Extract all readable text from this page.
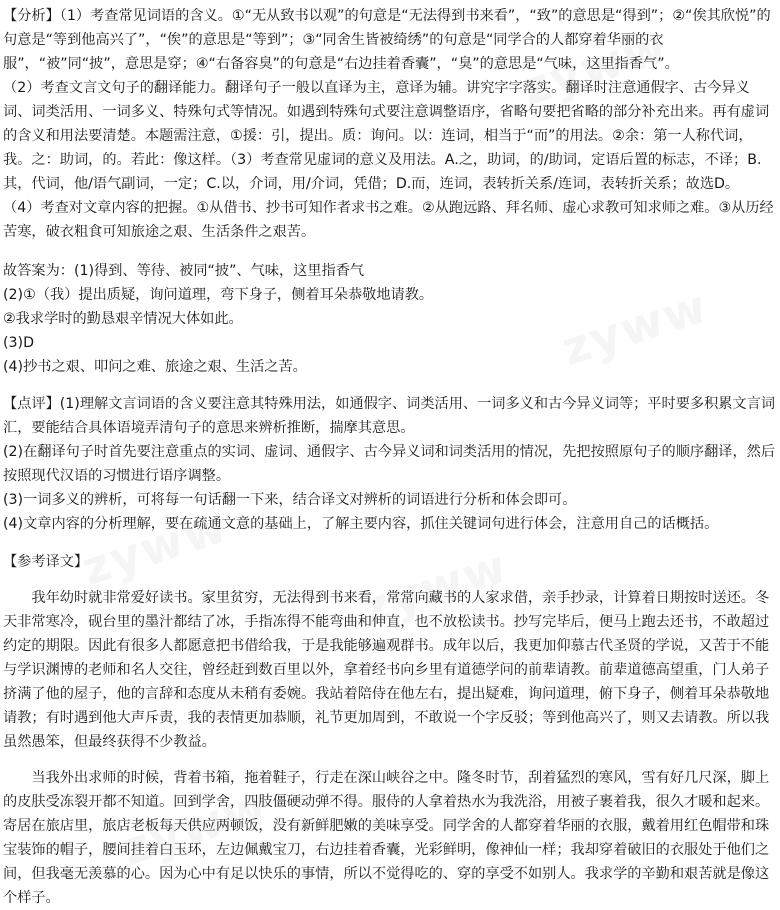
【分析】（1）考查常见词语的含义。①“无从致书以观”的句意是“无法得到书来看”，“致”的意思是“得到”；②“俟其欣悦”的句意是“等到他高兴了”，“俟”的意思是“等到”；③“同舍生皆被绮绣”的句意是“同学合的人都穿着华丽的衣服”，“被”同“披”，意思是穿；④“右备容臭”的句意是“右边挂着香囊”，“臭”的意思是“气味，这里指香气”。

（2）考查文言文句子的翻译能力。翻译句子一般以直译为主，意译为辅。讲究字字落实。翻译时注意通假字、古今异义词、词类活用、一词多义、特殊句式等情况。如遇到特殊句式要注意调整语序，省略句要把省略的部分补充出来。再有虚词的含义和用法要清楚。本题需注意，①援：引，提出。质：询问。以：连词，相当于“而”的用法。②余：第一人称代词，我。之：助词，的。若此：像这样。（3）考查常见虚词的意义及用法。A.之，助词，的/助词，定语后置的标志，不译；B.其，代词，他/语气副词，一定；C.以，介词，用/介词，凭借；D.而，连词，表转折关系/连词，表转折关系；故选D。

（4）考查对文章内容的把握。①从借书、抄书可知作者求书之难。②从跑远路、拜名师、虚心求教可知求师之难。③从历经苦寒，破衣粗食可知旅途之艰、生活条件之艰苦。

故答案为：(1)得到、等待、被同“披”、气味，这里指香气

(2)①（我）提出质疑，询问道理，弯下身子，侧着耳朵恭敬地请教。

②我求学时的勤恳艰辛情况大体如此。

(3)D

(4)抄书之艰、叩问之难、旅途之艰、生活之苦。

【点评】(1)理解文言词语的含义要注意其特殊用法，如通假字、词类活用、一词多义和古今异义词等；平时要多积累文言词汇，要能结合具体语境弄清句子的意思来辨析推断，揣摩其意思。

(2)在翻译句子时首先要注意重点的实词、虚词、通假字、古今异义词和词类活用的情况，先把按照原句子的顺序翻译，然后按照现代汉语的习惯进行语序调整。

(3)一词多义的辨析，可将每一句话翻一下来，结合译文对辨析的词语进行分析和体会即可。

(4)文章内容的分析理解，要在疏通文意的基础上，了解主要内容，抓住关键词句进行体会，注意用自己的话概括。

【参考译文】

我年幼时就非常爱好读书。家里贫穷，无法得到书来看，常常向藏书的人家求借，亲手抄录，计算着日期按时送还。冬天非常寒冷，砚台里的墨汁都结了冰，手指冻得不能弯曲和伸直，也不放松读书。抄写完毕后，便马上跑去还书，不敢超过约定的期限。因此有很多人都愿意把书借给我，于是我能够遍观群书。成年以后，我更加仰慕古代圣贤的学说，又苦于不能与学识渊博的老师和名人交往，曾经赶到数百里以外，拿着经书向乡里有道德学问的前辈请教。前辈道德高望重，门人弟子挤满了他的屋子，他的言辞和态度从未稍有委婉。我站着陪侍在他左右，提出疑难，询问道理，俯下身子，侧着耳朵恭敬地请教；有时遇到他大声斥责，我的表情更加恭顺，礼节更加周到，不敢说一个字反驳；等到他高兴了，则又去请教。所以我虽然愚笨，但最终获得不少教益。

当我外出求师的时候，背着书箱，拖着鞋子，行走在深山峡谷之中。隆冬时节，刮着猛烈的寒风，雪有好几尺深，脚上的皮肤受冻裂开都不知道。回到学舍，四肢僵硬动弹不得。服侍的人拿着热水为我洗浴，用被子裹着我，很久才暖和起来。寄居在旅店里，旅店老板每天供应两顿饭，没有新鲜肥嫩的美味享受。同学舍的人都穿着华丽的衣服，戴着用红色帽带和珠宝装饰的帽子，腰间挂着白玉环，左边佩戴宝刀，右边挂着香囊，光彩鲜明，像神仙一样；我却穿着破旧的衣服处于他们之间，但我毫无羡慕的心。因为心中有足以快乐的事情，所以不觉得吃的、穿的享受不如别人。我求学的辛勤和艰苦就是像这个样子。

zyww
zyww
zyww
zyww
zyww
